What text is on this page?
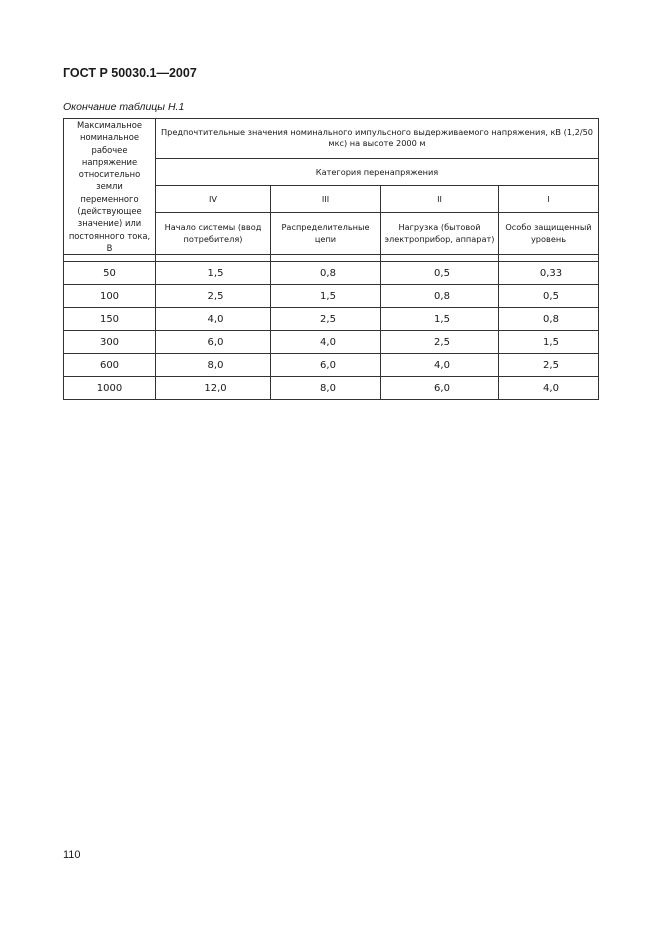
ГОСТ Р 50030.1—2007
Окончание таблицы Н.1
Максимальное номинальное рабочее напряжение относительно земли переменного (действующее значение) или постоянного тока, В	Предпочтительные значения номинального импульсного выдерживаемого напряжения, кВ (1,2/50 мкс) на высоте 2000 м			
	Категория перенапряжения			
	IV	III	II	I
	Начало системы (ввод потребителя)	Распределительные цепи	Нагрузка (бытовой электроприбор, аппарат)	Особо защищенный уровень

50	1,5	0,8	0,5	0,33
100	2,5	1,5	0,8	0,5
150	4,0	2,5	1,5	0,8
300	6,0	4,0	2,5	1,5
600	8,0	6,0	4,0	2,5
1000	12,0	8,0	6,0	4,0
110
